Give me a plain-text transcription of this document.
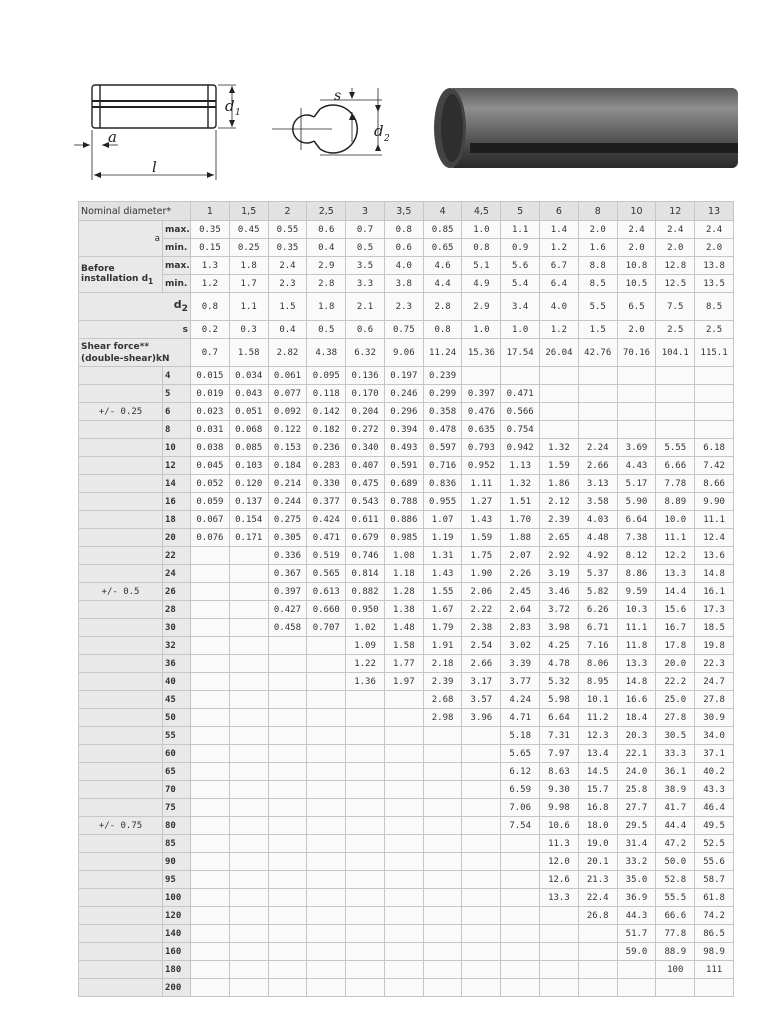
d 1
a
l
s
d 2
Nominal diameter*		1	1,5	2	2,5	3	3,5	4	4,5	5	6	8	10	12	13
a	max.	0.35	0.45	0.55	0.6	0.7	0.8	0.85	1.0	1.1	1.4	2.0	2.4	2.4	2.4
	min.	0.15	0.25	0.35	0.4	0.5	0.6	0.65	0.8	0.9	1.2	1.6	2.0	2.0	2.0

Before
installation $d_1$	max.	1.3	1.8	2.4	2.9	3.5	4.0	4.6	5.1	5.6	6.7	8.8	10.8	12.8	13.8
	min.	1.2	1.7	2.3	2.8	3.3	3.8	4.4	4.9	5.4	6.4	8.5	10.5	12.5	13.5
$d_2$		0.8	1.1	1.5	1.8	2.1	2.3	2.8	2.9	3.4	4.0	5.5	6.5	7.5	8.5
s		0.2	0.3	0.4	0.5	0.6	0.75	0.8	1.0	1.0	1.2	1.5	2.0	2.5	2.5

Shear force**
(double-shear)kN		0.7	1.58	2.82	4.38	6.32	9.06	11.24	15.36	17.54	26.04	42.76	70.16	104.1	115.1
	4	0.015	0.034	0.061	0.095	0.136	0.197	0.239							
	5	0.019	0.043	0.077	0.118	0.170	0.246	0.299	0.397	0.471					
+/- 0.25	6	0.023	0.051	0.092	0.142	0.204	0.296	0.358	0.476	0.566					
	8	0.031	0.068	0.122	0.182	0.272	0.394	0.478	0.635	0.754					
	10	0.038	0.085	0.153	0.236	0.340	0.493	0.597	0.793	0.942	1.32	2.24	3.69	5.55	6.18
	12	0.045	0.103	0.184	0.283	0.407	0.591	0.716	0.952	1.13	1.59	2.66	4.43	6.66	7.42
	14	0.052	0.120	0.214	0.330	0.475	0.689	0.836	1.11	1.32	1.86	3.13	5.17	7.78	8.66
	16	0.059	0.137	0.244	0.377	0.543	0.788	0.955	1.27	1.51	2.12	3.58	5.90	8.89	9.90
	18	0.067	0.154	0.275	0.424	0.611	0.886	1.07	1.43	1.70	2.39	4.03	6.64	10.0	11.1
	20	0.076	0.171	0.305	0.471	0.679	0.985	1.19	1.59	1.88	2.65	4.48	7.38	11.1	12.4
	22			0.336	0.519	0.746	1.08	1.31	1.75	2.07	2.92	4.92	8.12	12.2	13.6
	24			0.367	0.565	0.814	1.18	1.43	1.90	2.26	3.19	5.37	8.86	13.3	14.8
+/- 0.5	26			0.397	0.613	0.882	1.28	1.55	2.06	2.45	3.46	5.82	9.59	14.4	16.1
	28			0.427	0.660	0.950	1.38	1.67	2.22	2.64	3.72	6.26	10.3	15.6	17.3
	30			0.458	0.707	1.02	1.48	1.79	2.38	2.83	3.98	6.71	11.1	16.7	18.5
	32					1.09	1.58	1.91	2.54	3.02	4.25	7.16	11.8	17.8	19.8
	36					1.22	1.77	2.18	2.66	3.39	4.78	8.06	13.3	20.0	22.3
	40					1.36	1.97	2.39	3.17	3.77	5.32	8.95	14.8	22.2	24.7
	45							2.68	3.57	4.24	5.98	10.1	16.6	25.0	27.8
	50							2.98	3.96	4.71	6.64	11.2	18.4	27.8	30.9
	55									5.18	7.31	12.3	20.3	30.5	34.0
	60									5.65	7.97	13.4	22.1	33.3	37.1
	65									6.12	8.63	14.5	24.0	36.1	40.2
	70									6.59	9.30	15.7	25.8	38.9	43.3
	75									7.06	9.98	16.8	27.7	41.7	46.4
+/- 0.75	80									7.54	10.6	18.0	29.5	44.4	49.5
	85										11.3	19.0	31.4	47.2	52.5
	90										12.0	20.1	33.2	50.0	55.6
	95										12.6	21.3	35.0	52.8	58.7
	100										13.3	22.4	36.9	55.5	61.8
	120											26.8	44.3	66.6	74.2
	140												51.7	77.8	86.5
	160												59.0	88.9	98.9
	180													100	111
	200														
